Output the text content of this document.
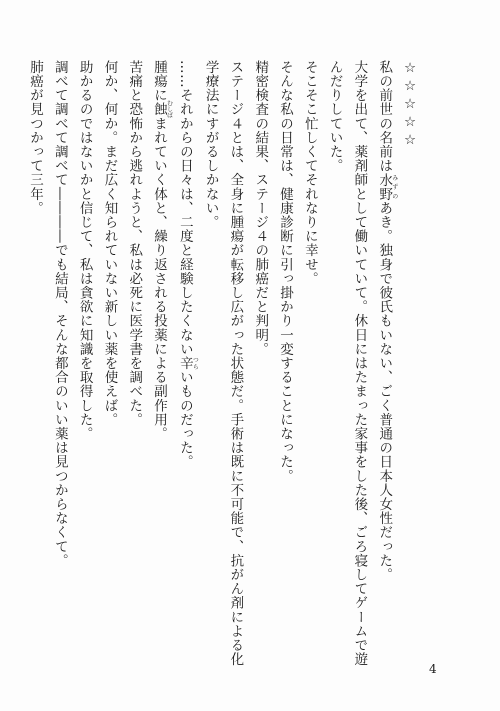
☆☆☆☆☆
私の前世の名前は水野みずのあき。独身で彼氏もいない、ごく普通の日本人女性だった。
大学を出て、薬剤師として働いていて。休日にはたまった家事をした後、ごろ寝してゲームで遊
んだりしていた。
そこそこ忙しくてそれなりに幸せ。
そんな私の日常は、健康診断に引っ掛かり一変することになった。
精密検査の結果、ステージ４の肺癌だと判明。
ステージ４とは、全身に腫瘍が転移し広がった状態だ。手術は既に不可能で、抗がん剤による化
学療法にすがるしかない。
……それからの日々は、二度と経験したくない辛つらいものだった。
腫瘍に蝕むしばまれていく体と、繰り返される投薬による副作用。
苦痛と恐怖から逃れようと、私は必死に医学書を調べた。
何か、何か。まだ広く知られていない新しい薬を使えば。
助かるのではないかと信じて、私は貪欲に知識を取得した。
調べて調べて調べて――――でも結局、そんな都合のいい薬は見つからなくて。
肺癌が見つかって三年。
4
